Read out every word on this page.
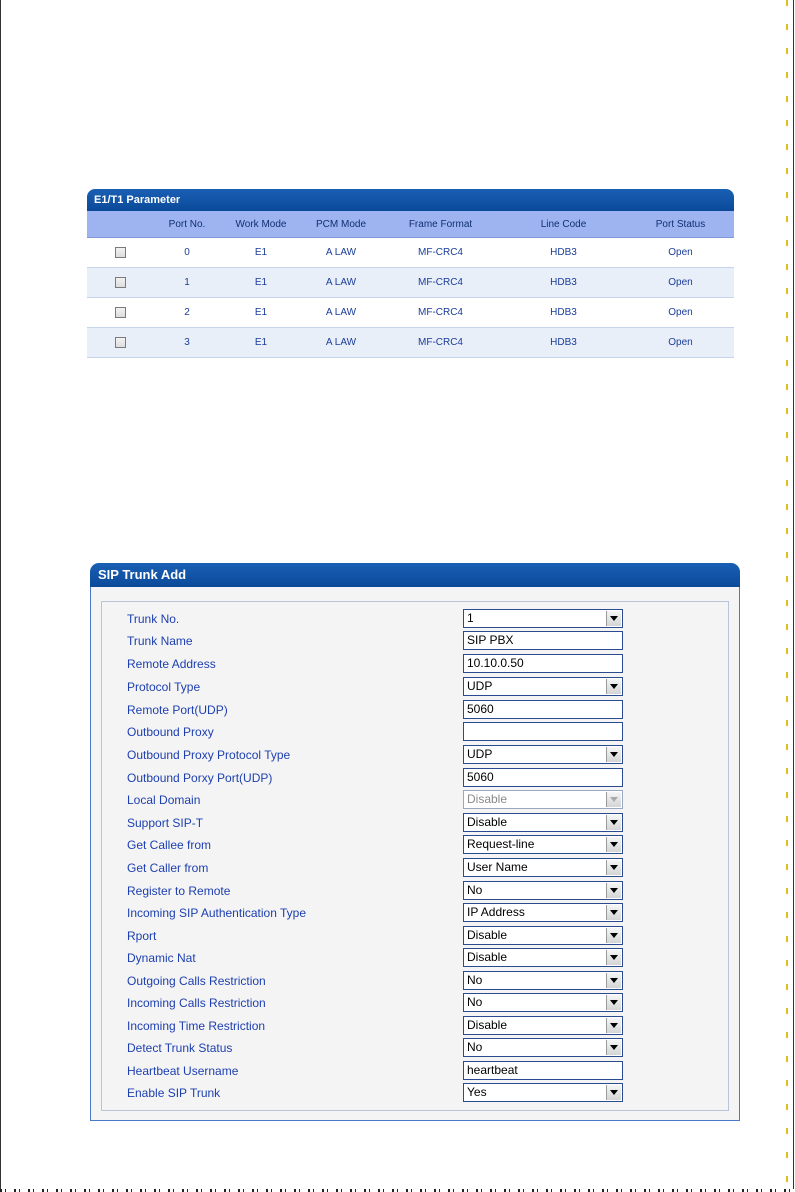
E1/T1 Parameter
	Port No.	Work Mode	PCM Mode	Frame Format	Line Code	Port Status
	0	E1	A LAW	MF-CRC4	HDB3	Open
	1	E1	A LAW	MF-CRC4	HDB3	Open
	2	E1	A LAW	MF-CRC4	HDB3	Open
	3	E1	A LAW	MF-CRC4	HDB3	Open
SIP Trunk Add
Trunk No.	1
Trunk Name	SIP PBX
Remote Address	10.10.0.50
Protocol Type	UDP
Remote Port(UDP)	5060
Outbound Proxy
Outbound Proxy Protocol Type	UDP
Outbound Porxy Port(UDP)	5060
Local Domain	Disable
Support SIP-T	Disable
Get Callee from	Request-line
Get Caller from	User Name
Register to Remote	No
Incoming SIP Authentication Type	IP Address
Rport	Disable
Dynamic Nat	Disable
Outgoing Calls Restriction	No
Incoming Calls Restriction	No
Incoming Time Restriction	Disable
Detect Trunk Status	No
Heartbeat Username	heartbeat
Enable SIP Trunk	Yes
